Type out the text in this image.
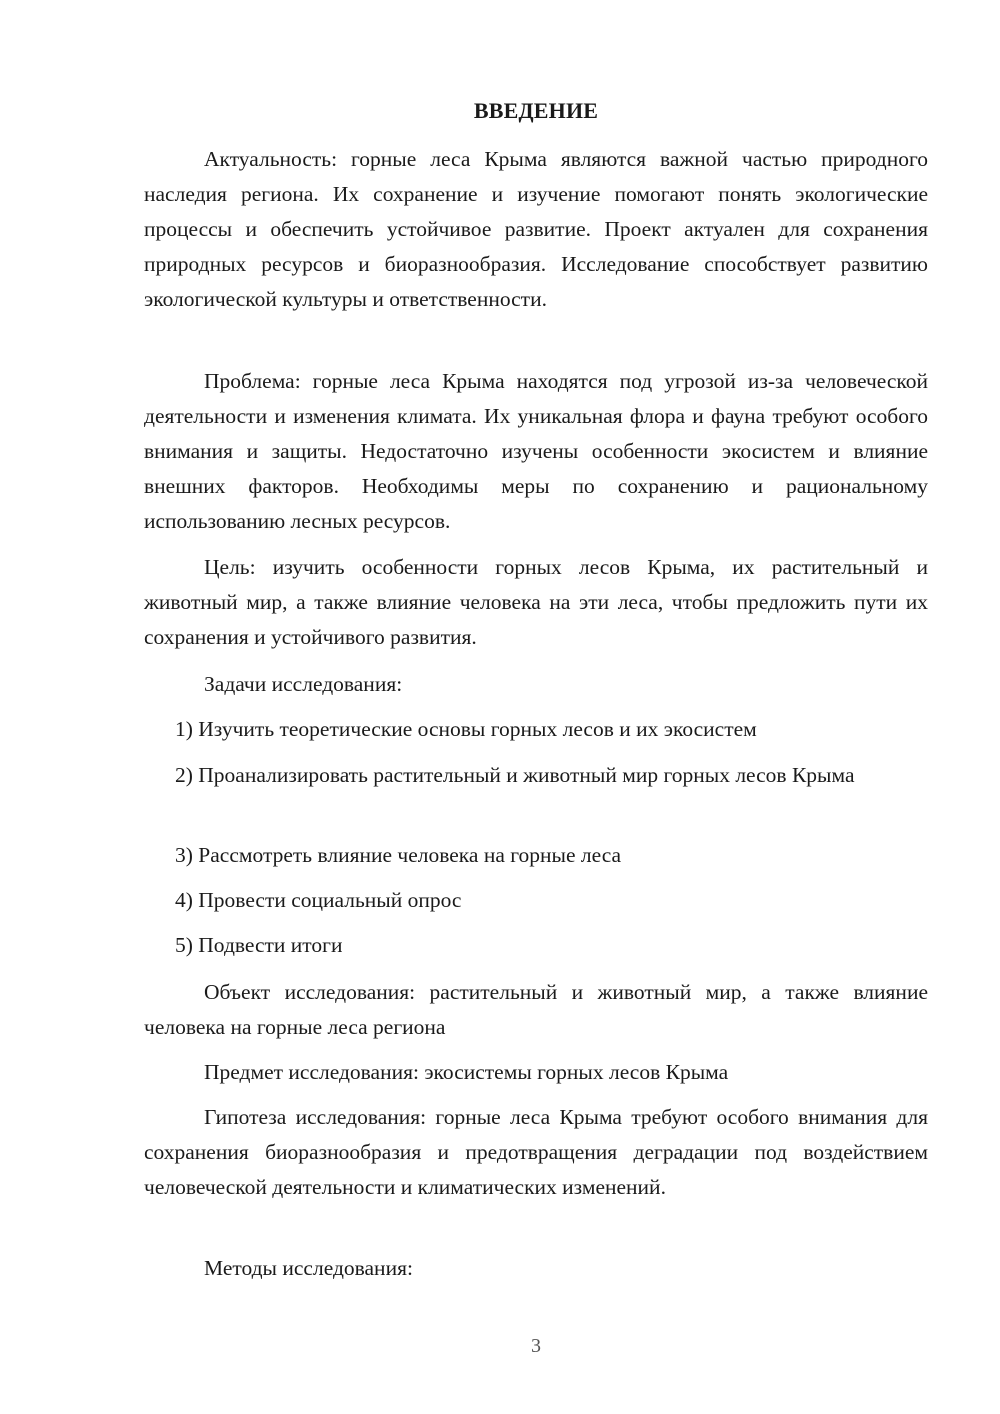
ВВЕДЕНИЕ

Актуальность: горные леса Крыма являются важной частью природного наследия региона. Их сохранение и изучение помогают понять экологические процессы и обеспечить устойчивое развитие. Проект актуален для сохранения природных ресурсов и биоразнообразия. Исследование способствует развитию экологической культуры и ответственности.

Проблема: горные леса Крыма находятся под угрозой из-за человеческой деятельности и изменения климата. Их уникальная флора и фауна требуют особого внимания и защиты. Недостаточно изучены особенности экосистем и влияние внешних факторов. Необходимы меры по сохранению и рациональному использованию лесных ресурсов.

Цель: изучить особенности горных лесов Крыма, их растительный и животный мир, а также влияние человека на эти леса, чтобы предложить пути их сохранения и устойчивого развития.

Задачи исследования:

1) Изучить теоретические основы горных лесов и их экосистем

2) Проанализировать растительный и животный мир горных лесов Крыма

3) Рассмотреть влияние человека на горные леса

4) Провести социальный опрос

5) Подвести итоги

Объект исследования: растительный и животный мир, а также влияние человека на горные леса региона

Предмет исследования: экосистемы горных лесов Крыма

Гипотеза исследования: горные леса Крыма требуют особого внимания для сохранения биоразнообразия и предотвращения деградации под воздействием человеческой деятельности и климатических изменений.

Методы исследования:

3
